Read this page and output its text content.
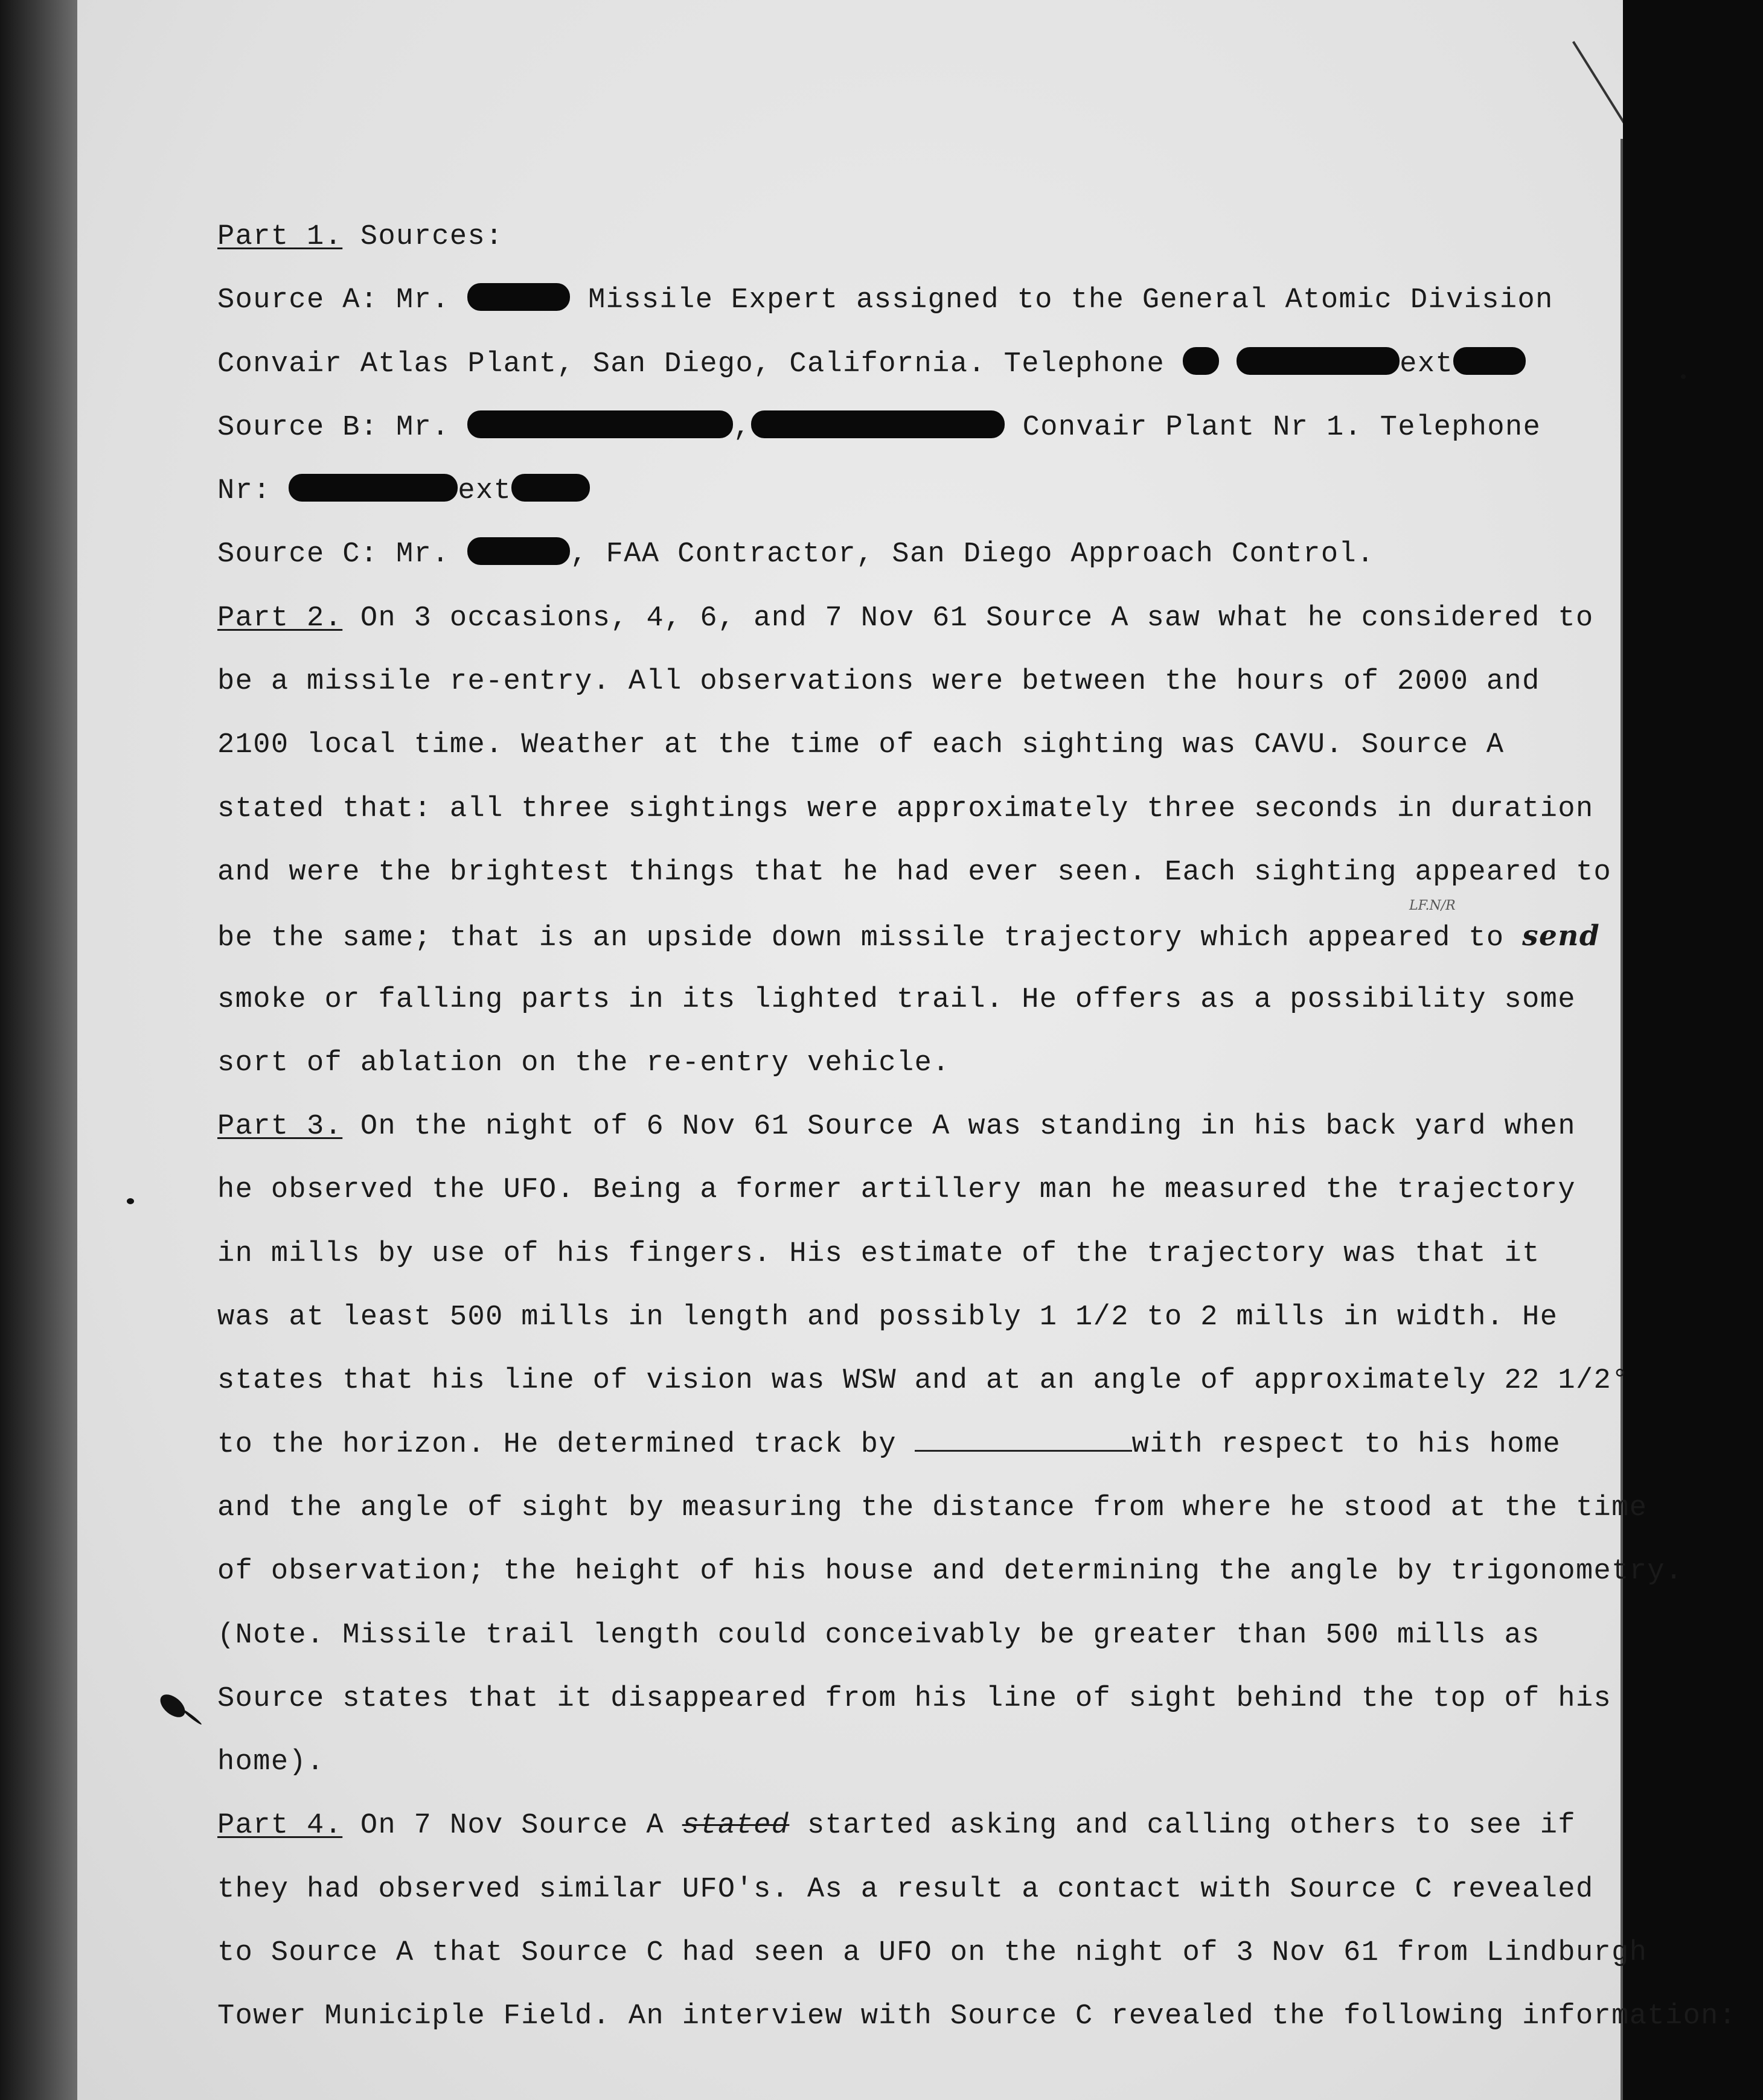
LF.N/R
Part 1. Sources:
Source A: Mr.	Missile Expert assigned to the General Atomic Division
Convair Atlas Plant, San Diego, California. Telephone	ext
Source B: Mr.	,	Convair Plant Nr 1. Telephone
Nr:	ext
Source C: Mr.	, FAA Contractor, San Diego Approach Control.
Part 2. On 3 occasions, 4, 6, and 7 Nov 61 Source A saw what he considered to
be a missile re-entry. All observations were between the hours of 2000 and
2100 local time. Weather at the time of each sighting was CAVU. Source A
stated that: all three sightings were approximately three seconds in duration
and were the brightest things that he had ever seen. Each sighting appeared to
be the same; that is an upside down missile trajectory which appeared to send
smoke or falling parts in its lighted trail. He offers as a possibility some
sort of ablation on the re-entry vehicle.
Part 3. On the night of 6 Nov 61 Source A was standing in his back yard when
he observed the UFO. Being a former artillery man he measured the trajectory
in mills by use of his fingers. His estimate of the trajectory was that it
was at least 500 mills in length and possibly 1 1/2 to 2 mills in width. He
states that his line of vision was WSW and at an angle of approximately 22 1/2°
to the horizon. He determined track by	with respect to his home
and the angle of sight by measuring the distance from where he stood at the time
of observation; the height of his house and determining the angle by trigonometry.
(Note. Missile trail length could conceivably be greater than 500 mills as
Source states that it disappeared from his line of sight behind the top of his
home).
Part 4. On 7 Nov Source A stated started asking and calling others to see if
they had observed similar UFO's. As a result a contact with Source C revealed
to Source A that Source C had seen a UFO on the night of 3 Nov 61 from Lindburgh
Tower Municiple Field. An interview with Source C revealed the following information:
